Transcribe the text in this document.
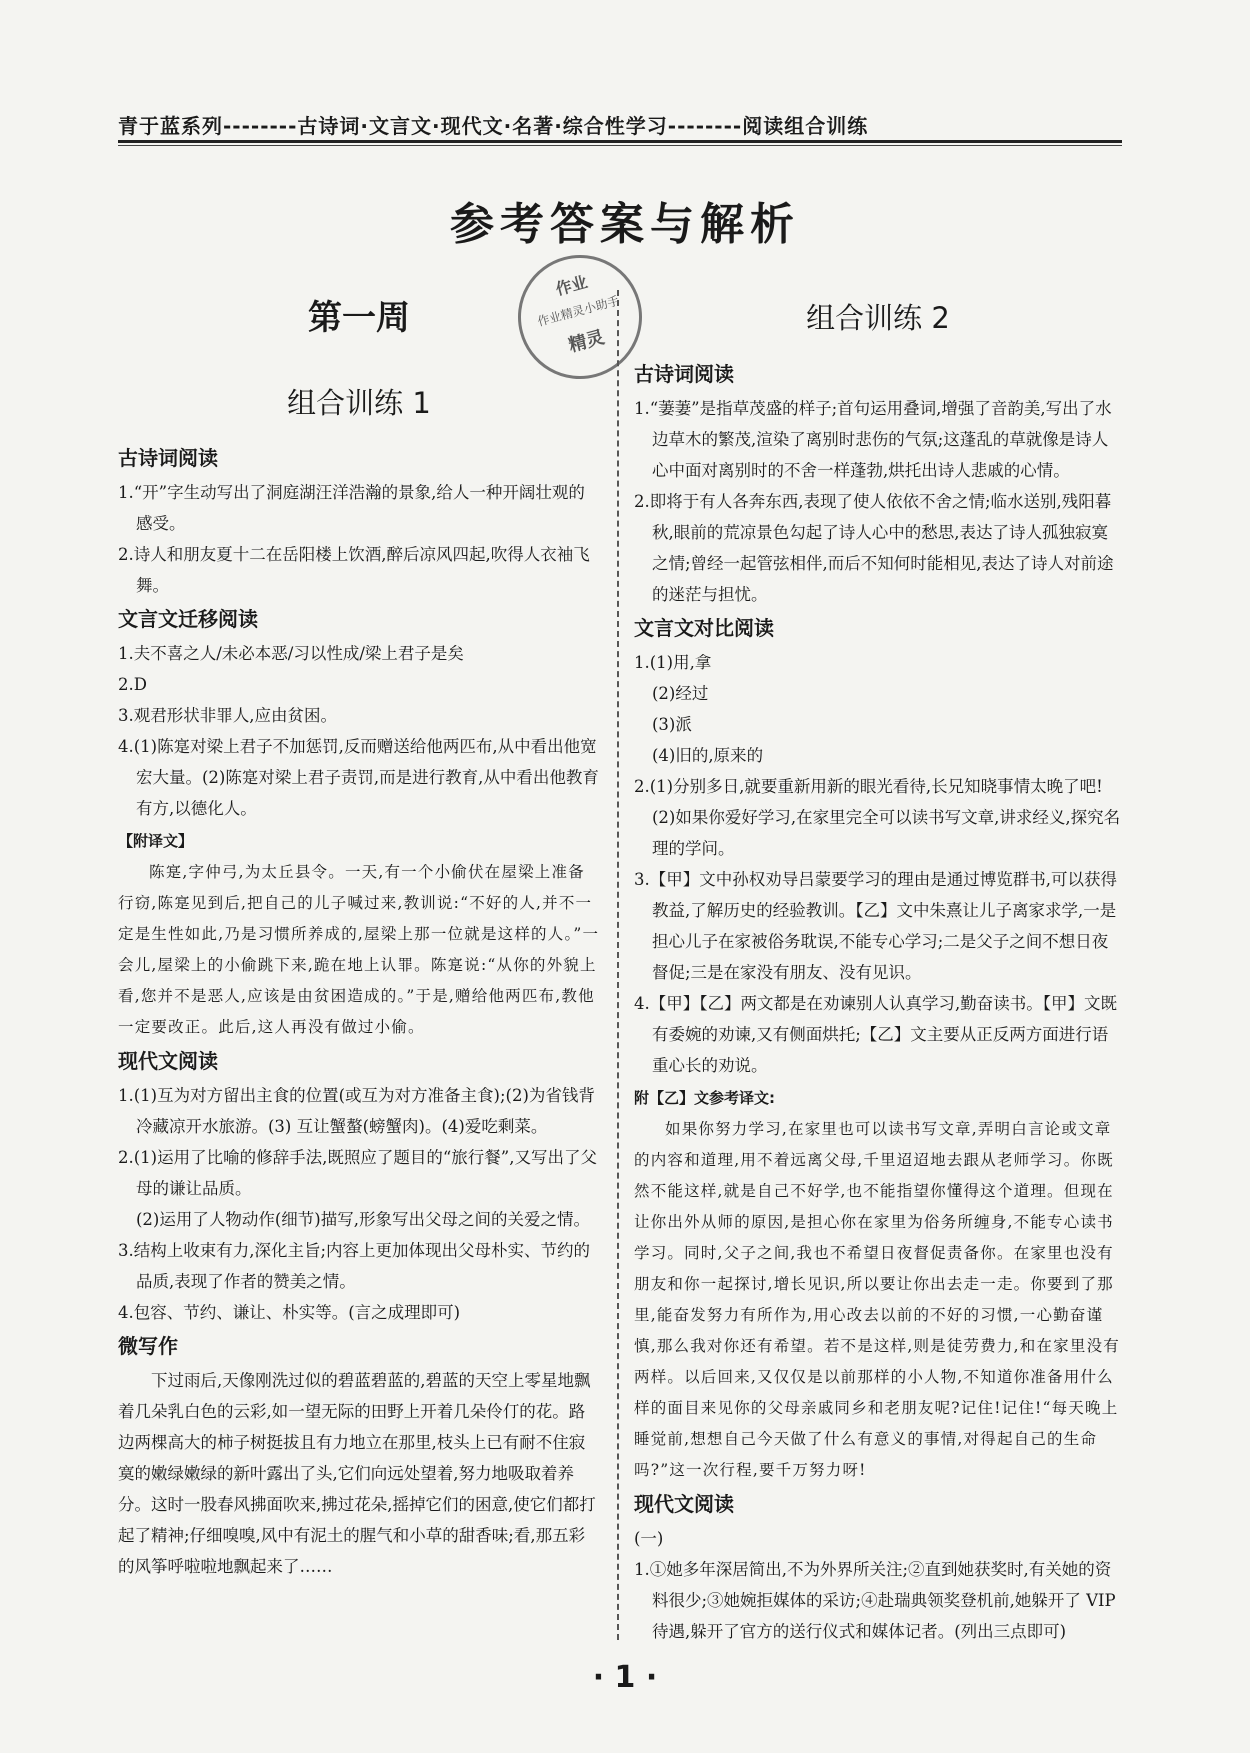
青于蓝系列--------古诗词·文言文·现代文·名著·综合性学习--------阅读组合训练
参考答案与解析
作业
作业精灵小助手
精灵
第一周
组合训练 1
古诗词阅读

1.“开”字生动写出了洞庭湖汪洋浩瀚的景象,给人一种开阔壮观的感受。

2.诗人和朋友夏十二在岳阳楼上饮酒,醉后凉风四起,吹得人衣袖飞舞。

文言文迁移阅读

1.夫不喜之人/未必本恶/习以性成/梁上君子是矣

2.D

3.观君形状非罪人,应由贫困。

4.(1)陈寔对梁上君子不加惩罚,反而赠送给他两匹布,从中看出他宽宏大量。(2)陈寔对梁上君子责罚,而是进行教育,从中看出他教育有方,以德化人。

【附译文】

陈寔,字仲弓,为太丘县令。一天,有一个小偷伏在屋梁上准备行窃,陈寔见到后,把自己的儿子喊过来,教训说:“不好的人,并不一定是生性如此,乃是习惯所养成的,屋梁上那一位就是这样的人。”一会儿,屋梁上的小偷跳下来,跪在地上认罪。陈寔说:“从你的外貌上看,您并不是恶人,应该是由贫困造成的。”于是,赠给他两匹布,教他一定要改正。此后,这人再没有做过小偷。

现代文阅读

1.(1)互为对方留出主食的位置(或互为对方准备主食);(2)为省钱背冷藏凉开水旅游。(3) 互让蟹螯(螃蟹肉)。(4)爱吃剩菜。

2.(1)运用了比喻的修辞手法,既照应了题目的“旅行餐”,又写出了父母的谦让品质。

(2)运用了人物动作(细节)描写,形象写出父母之间的关爱之情。

3.结构上收束有力,深化主旨;内容上更加体现出父母朴实、节约的品质,表现了作者的赞美之情。

4.包容、节约、谦让、朴实等。(言之成理即可)

微写作

下过雨后,天像刚洗过似的碧蓝碧蓝的,碧蓝的天空上零星地飘着几朵乳白色的云彩,如一望无际的田野上开着几朵伶仃的花。路边两棵高大的柿子树挺拔且有力地立在那里,枝头上已有耐不住寂寞的嫩绿嫩绿的新叶露出了头,它们向远处望着,努力地吸取着养分。这时一股春风拂面吹来,拂过花朵,摇掉它们的困意,使它们都打起了精神;仔细嗅嗅,风中有泥土的腥气和小草的甜香味;看,那五彩的风筝呼啦啦地飘起来了……

组合训练 2
古诗词阅读

1.“萋萋”是指草茂盛的样子;首句运用叠词,增强了音韵美,写出了水边草木的繁茂,渲染了离别时悲伤的气氛;这蓬乱的草就像是诗人心中面对离别时的不舍一样蓬勃,烘托出诗人悲戚的心情。

2.即将于有人各奔东西,表现了使人依依不舍之情;临水送别,残阳暮秋,眼前的荒凉景色勾起了诗人心中的愁思,表达了诗人孤独寂寞之情;曾经一起管弦相伴,而后不知何时能相见,表达了诗人对前途的迷茫与担忧。

文言文对比阅读

1.(1)用,拿

(2)经过

(3)派

(4)旧的,原来的

2.(1)分别多日,就要重新用新的眼光看待,长兄知晓事情太晚了吧!

(2)如果你爱好学习,在家里完全可以读书写文章,讲求经义,探究名理的学问。

3.【甲】文中孙权劝导吕蒙要学习的理由是通过博览群书,可以获得教益,了解历史的经验教训。【乙】文中朱熹让儿子离家求学,一是担心儿子在家被俗务耽误,不能专心学习;二是父子之间不想日夜督促;三是在家没有朋友、没有见识。

4.【甲】【乙】两文都是在劝谏别人认真学习,勤奋读书。【甲】文既有委婉的劝谏,又有侧面烘托;【乙】文主要从正反两方面进行语重心长的劝说。

附【乙】文参考译文:

如果你努力学习,在家里也可以读书写文章,弄明白言论或文章的内容和道理,用不着远离父母,千里迢迢地去跟从老师学习。你既然不能这样,就是自己不好学,也不能指望你懂得这个道理。但现在让你出外从师的原因,是担心你在家里为俗务所缠身,不能专心读书学习。同时,父子之间,我也不希望日夜督促责备你。在家里也没有朋友和你一起探讨,增长见识,所以要让你出去走一走。你要到了那里,能奋发努力有所作为,用心改去以前的不好的习惯,一心勤奋谨慎,那么我对你还有希望。若不是这样,则是徒劳费力,和在家里没有两样。以后回来,又仅仅是以前那样的小人物,不知道你准备用什么样的面目来见你的父母亲戚同乡和老朋友呢?记住!记住!“每天晚上睡觉前,想想自己今天做了什么有意义的事情,对得起自己的生命吗?”这一次行程,要千万努力呀!

现代文阅读

(一)

1.①她多年深居简出,不为外界所关注;②直到她获奖时,有关她的资料很少;③她婉拒媒体的采访;④赴瑞典领奖登机前,她躲开了 VIP 待遇,躲开了官方的送行仪式和媒体记者。(列出三点即可)

· 1 ·
